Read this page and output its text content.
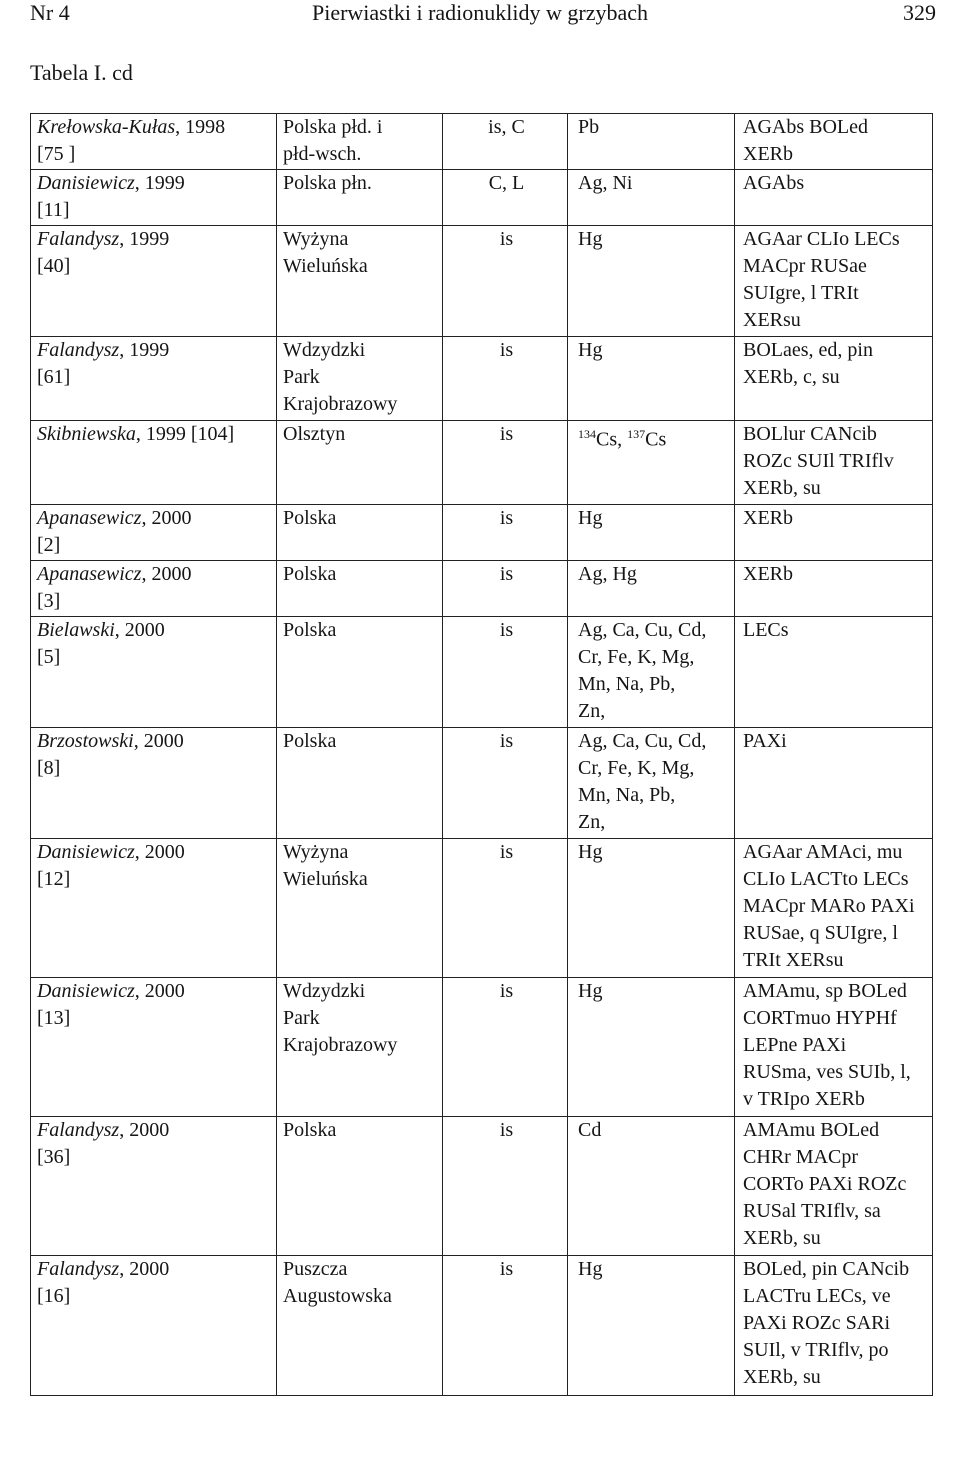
Pierwiastki i radionuklidy w grzybach
Nr 4	329
Tabela I. cd
Krełowska-Kułas, 1998
[75 ]	Polska płd. i
płd-wsch.	is, C	Pb	AGAbs BOLed
XERb

Danisiewicz, 1999
[11]	Polska płn.	C, L	Ag, Ni	AGAbs

Falandysz, 1999
[40]	Wyżyna
Wieluńska	is	Hg	AGAar CLIo LECs
MACpr RUSae
SUIgre, l TRIt
XERsu

Falandysz, 1999
[61]	Wdzydzki
Park
Krajobrazowy	is	Hg	BOLaes, ed, pin
XERb, c, su

Skibniewska, 1999 [104]	Olsztyn	is	$^{134}$Cs, $^{137}$Cs	BOLlur CANcib
ROZc SUIl TRIflv
XERb, su

Apanasewicz, 2000
[2]	Polska	is	Hg	XERb

Apanasewicz, 2000
[3]	Polska	is	Ag, Hg	XERb

Bielawski, 2000
[5]	Polska	is	Ag, Ca, Cu, Cd,
Cr, Fe, K, Mg,
Mn, Na, Pb,
Zn,	LECs

Brzostowski, 2000
[8]	Polska	is	Ag, Ca, Cu, Cd,
Cr, Fe, K, Mg,
Mn, Na, Pb,
Zn,	PAXi

Danisiewicz, 2000
[12]	Wyżyna
Wieluńska	is	Hg	AGAar AMAci, mu
CLIo LACTto LECs
MACpr MARo PAXi
RUSae, q SUIgre, l
TRIt XERsu

Danisiewicz, 2000
[13]	Wdzydzki
Park
Krajobrazowy	is	Hg	AMAmu, sp BOLed
CORTmuo HYPHf
LEPne PAXi
RUSma, ves SUIb, l,
v TRIpo XERb

Falandysz, 2000
[36]	Polska	is	Cd	AMAmu BOLed
CHRr MACpr
CORTo PAXi ROZc
RUSal TRIflv, sa
XERb, su

Falandysz, 2000
[16]	Puszcza
Augustowska	is	Hg	BOLed, pin CANcib
LACTru LECs, ve
PAXi ROZc SARi
SUIl, v TRIflv, po
XERb, su
